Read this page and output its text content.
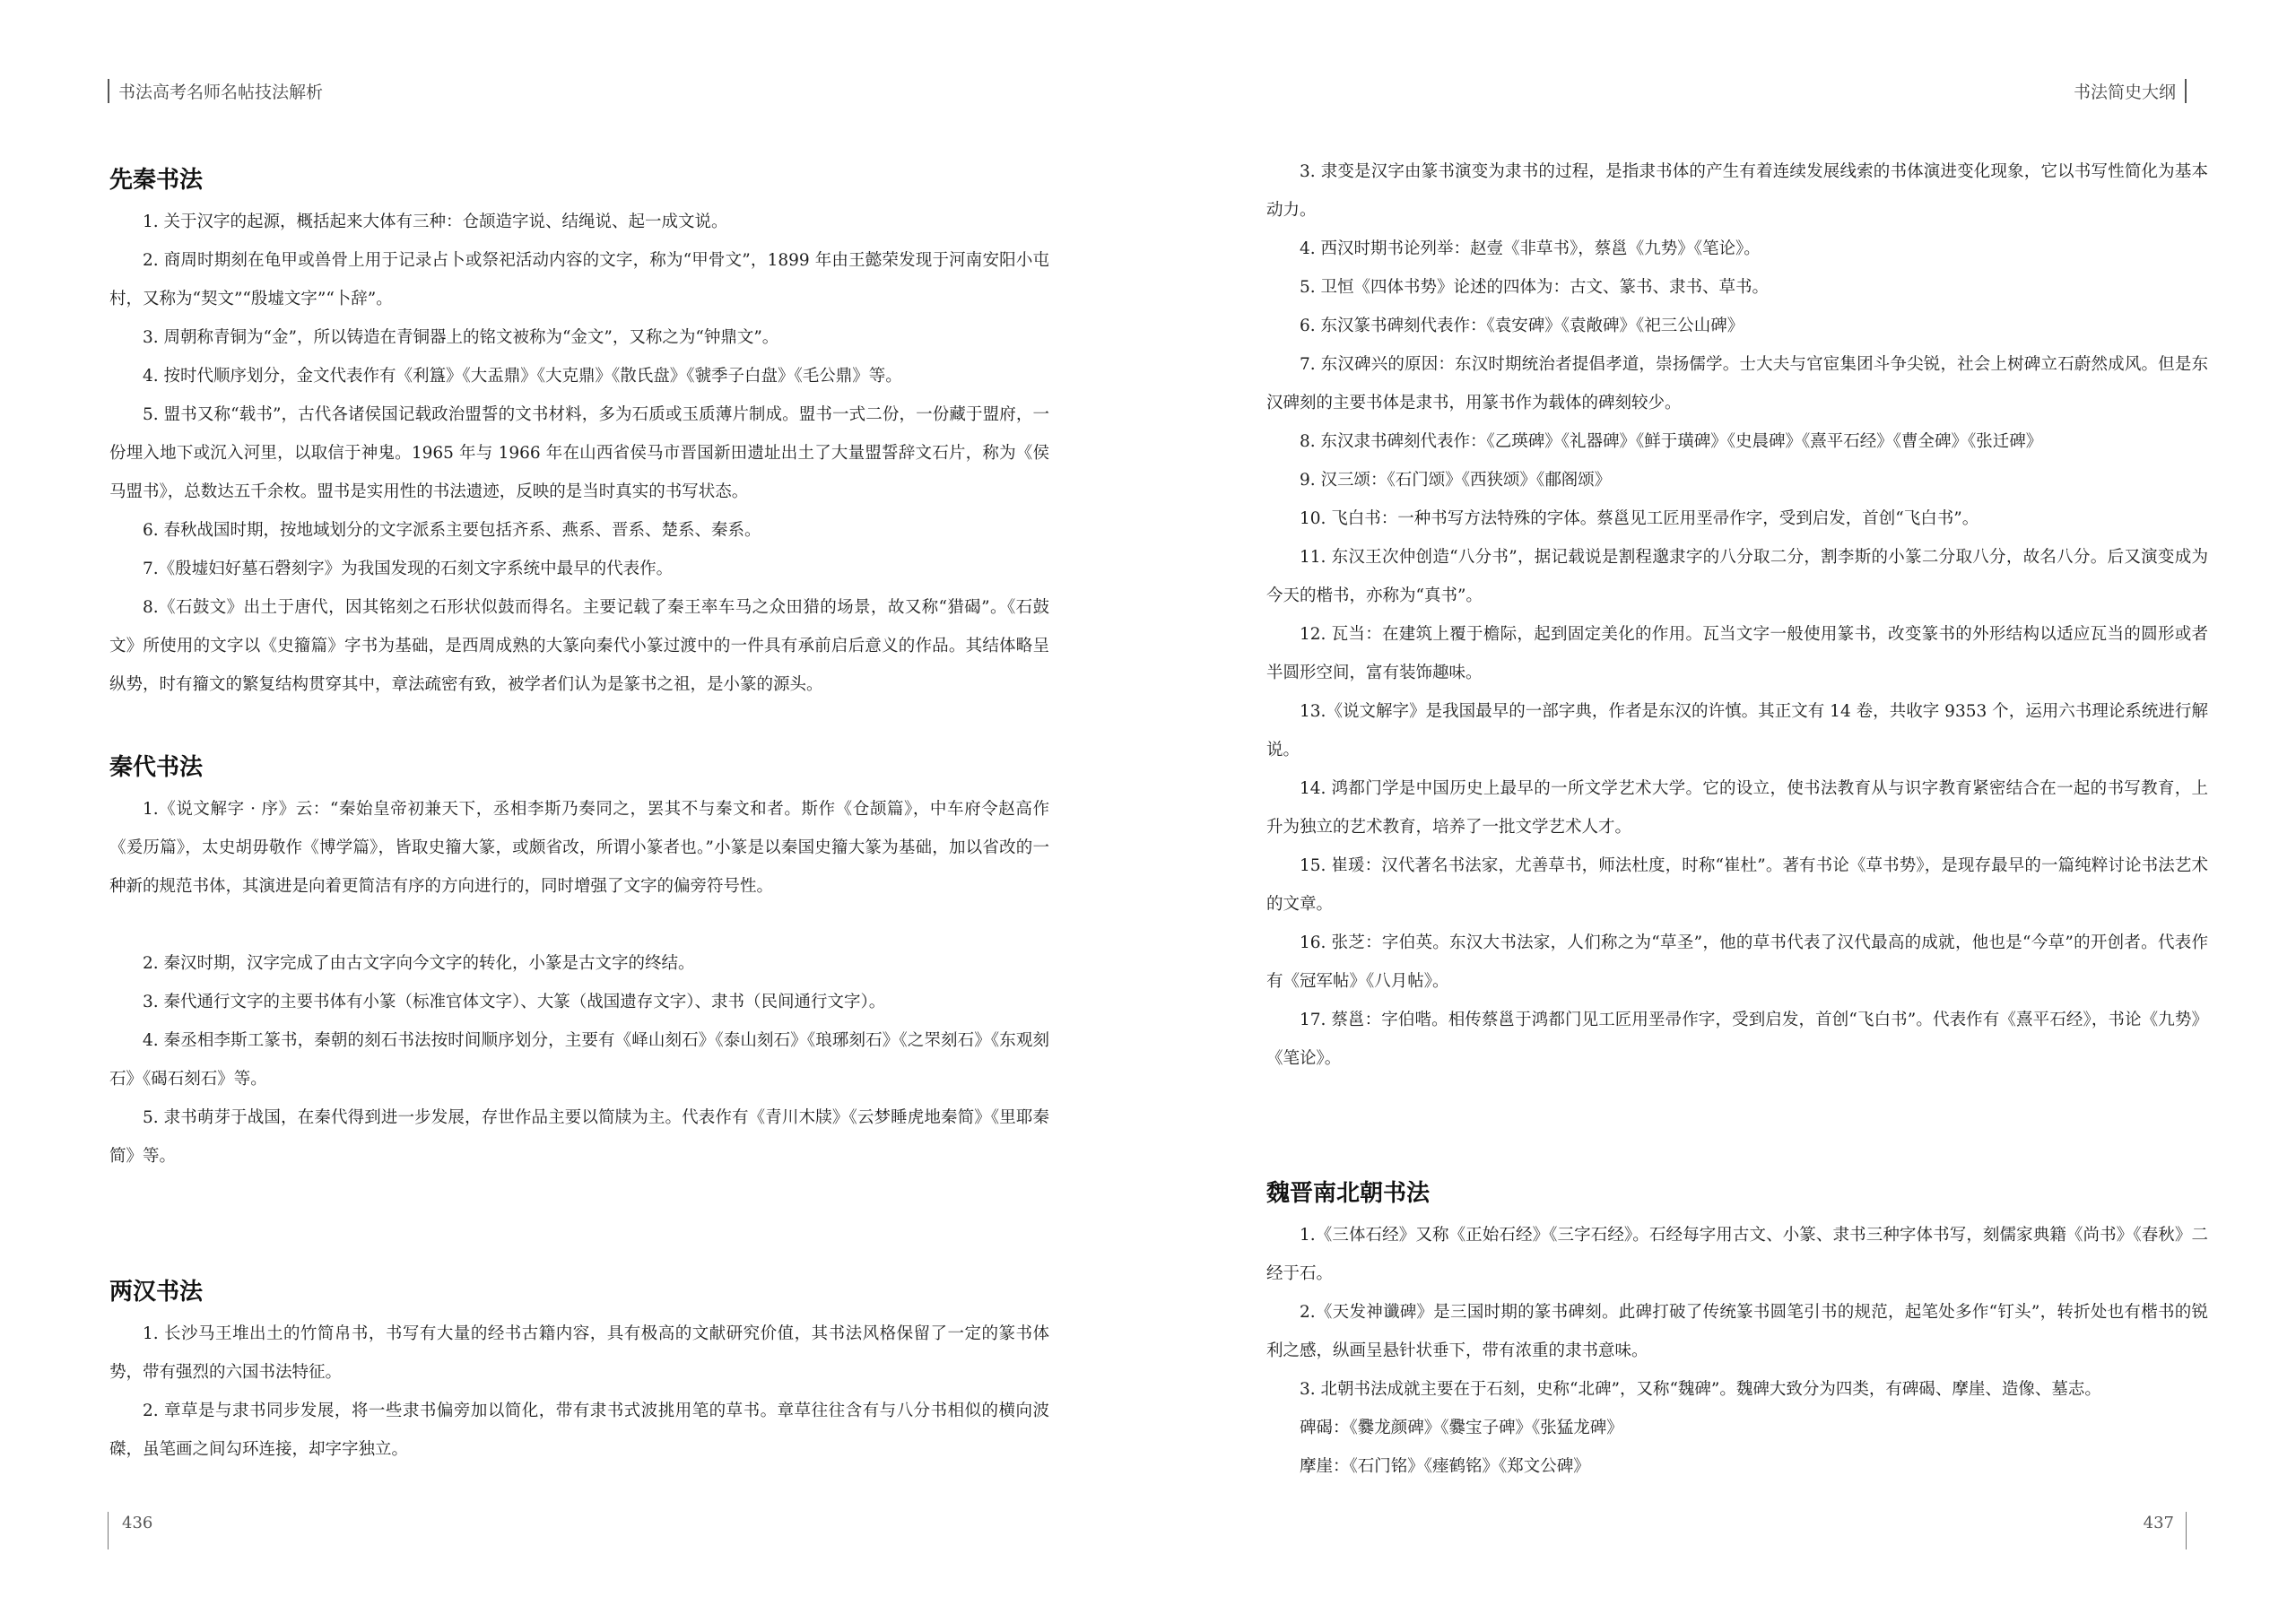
书法高考名师名帖技法解析
先秦书法

1. 关于汉字的起源，概括起来大体有三种：仓颉造字说、结绳说、起一成文说。

2. 商周时期刻在龟甲或兽骨上用于记录占卜或祭祀活动内容的文字，称为“甲骨文”，1899 年由王懿荣发现于河南安阳小屯村，又称为“契文”“殷墟文字”“卜辞”。

3. 周朝称青铜为“金”，所以铸造在青铜器上的铭文被称为“金文”，又称之为“钟鼎文”。

4. 按时代顺序划分，金文代表作有《利簋》《大盂鼎》《大克鼎》《散氏盘》《虢季子白盘》《毛公鼎》等。

5. 盟书又称“载书”，古代各诸侯国记载政治盟誓的文书材料，多为石质或玉质薄片制成。盟书一式二份，一份藏于盟府，一份埋入地下或沉入河里，以取信于神鬼。1965 年与 1966 年在山西省侯马市晋国新田遗址出土了大量盟誓辞文石片，称为《侯马盟书》，总数达五千余枚。盟书是实用性的书法遗迹，反映的是当时真实的书写状态。

6. 春秋战国时期，按地域划分的文字派系主要包括齐系、燕系、晋系、楚系、秦系。

7.《殷墟妇好墓石磬刻字》为我国发现的石刻文字系统中最早的代表作。

8.《石鼓文》出土于唐代，因其铭刻之石形状似鼓而得名。主要记载了秦王率车马之众田猎的场景，故又称“猎碣”。《石鼓文》所使用的文字以《史籀篇》字书为基础，是西周成熟的大篆向秦代小篆过渡中的一件具有承前启后意义的作品。其结体略呈纵势，时有籀文的繁复结构贯穿其中，章法疏密有致，被学者们认为是篆书之祖，是小篆的源头。

秦代书法

1.《说文解字 · 序》云：“秦始皇帝初兼天下，丞相李斯乃奏同之，罢其不与秦文和者。斯作《仓颉篇》，中车府令赵高作《爰历篇》，太史胡毋敬作《博学篇》，皆取史籀大篆，或颇省改，所谓小篆者也。”小篆是以秦国史籀大篆为基础，加以省改的一种新的规范书体，其演进是向着更简洁有序的方向进行的，同时增强了文字的偏旁符号性。

2. 秦汉时期，汉字完成了由古文字向今文字的转化，小篆是古文字的终结。

3. 秦代通行文字的主要书体有小篆（标准官体文字）、大篆（战国遗存文字）、隶书（民间通行文字）。

4. 秦丞相李斯工篆书，秦朝的刻石书法按时间顺序划分，主要有《峄山刻石》《泰山刻石》《琅琊刻石》《之罘刻石》《东观刻石》《碣石刻石》等。

5. 隶书萌芽于战国，在秦代得到进一步发展，存世作品主要以简牍为主。代表作有《青川木牍》《云梦睡虎地秦简》《里耶秦简》等。

两汉书法

1. 长沙马王堆出土的竹简帛书，书写有大量的经书古籍内容，具有极高的文献研究价值，其书法风格保留了一定的篆书体势，带有强烈的六国书法特征。

2. 章草是与隶书同步发展，将一些隶书偏旁加以简化，带有隶书式波挑用笔的草书。章草往往含有与八分书相似的横向波磔，虽笔画之间勾环连接，却字字独立。

436
书法简史大纲

3. 隶变是汉字由篆书演变为隶书的过程，是指隶书体的产生有着连续发展线索的书体演进变化现象，它以书写性简化为基本动力。

4. 西汉时期书论列举：赵壹《非草书》，蔡邕《九势》《笔论》。

5. 卫恒《四体书势》论述的四体为：古文、篆书、隶书、草书。

6. 东汉篆书碑刻代表作：《袁安碑》《袁敞碑》《祀三公山碑》

7. 东汉碑兴的原因：东汉时期统治者提倡孝道，崇扬儒学。士大夫与官宦集团斗争尖锐，社会上树碑立石蔚然成风。但是东汉碑刻的主要书体是隶书，用篆书作为载体的碑刻较少。

8. 东汉隶书碑刻代表作：《乙瑛碑》《礼器碑》《鲜于璜碑》《史晨碑》《熹平石经》《曹全碑》《张迁碑》

9. 汉三颂：《石门颂》《西狭颂》《郙阁颂》

10. 飞白书：一种书写方法特殊的字体。蔡邕见工匠用垩帚作字，受到启发，首创“飞白书”。

11. 东汉王次仲创造“八分书”，据记载说是割程邈隶字的八分取二分，割李斯的小篆二分取八分，故名八分。后又演变成为今天的楷书，亦称为“真书”。

12. 瓦当：在建筑上覆于檐际，起到固定美化的作用。瓦当文字一般使用篆书，改变篆书的外形结构以适应瓦当的圆形或者半圆形空间，富有装饰趣味。

13.《说文解字》是我国最早的一部字典，作者是东汉的许慎。其正文有 14 卷，共收字 9353 个，运用六书理论系统进行解说。

14. 鸿都门学是中国历史上最早的一所文学艺术大学。它的设立，使书法教育从与识字教育紧密结合在一起的书写教育，上升为独立的艺术教育，培养了一批文学艺术人才。

15. 崔瑗：汉代著名书法家，尤善草书，师法杜度，时称“崔杜”。著有书论《草书势》，是现存最早的一篇纯粹讨论书法艺术的文章。

16. 张芝：字伯英。东汉大书法家，人们称之为“草圣”，他的草书代表了汉代最高的成就，他也是“今草”的开创者。代表作有《冠军帖》《八月帖》。

17. 蔡邕：字伯喈。相传蔡邕于鸿都门见工匠用垩帚作字，受到启发，首创“飞白书”。代表作有《熹平石经》，书论《九势》《笔论》。

魏晋南北朝书法

1.《三体石经》又称《正始石经》《三字石经》。石经每字用古文、小篆、隶书三种字体书写，刻儒家典籍《尚书》《春秋》二经于石。

2.《天发神谶碑》是三国时期的篆书碑刻。此碑打破了传统篆书圆笔引书的规范，起笔处多作“钉头”，转折处也有楷书的锐利之感，纵画呈悬针状垂下，带有浓重的隶书意味。

3. 北朝书法成就主要在于石刻，史称“北碑”，又称“魏碑”。魏碑大致分为四类，有碑碣、摩崖、造像、墓志。

碑碣：《爨龙颜碑》《爨宝子碑》《张猛龙碑》

摩崖：《石门铭》《瘗鹤铭》《郑文公碑》

437
